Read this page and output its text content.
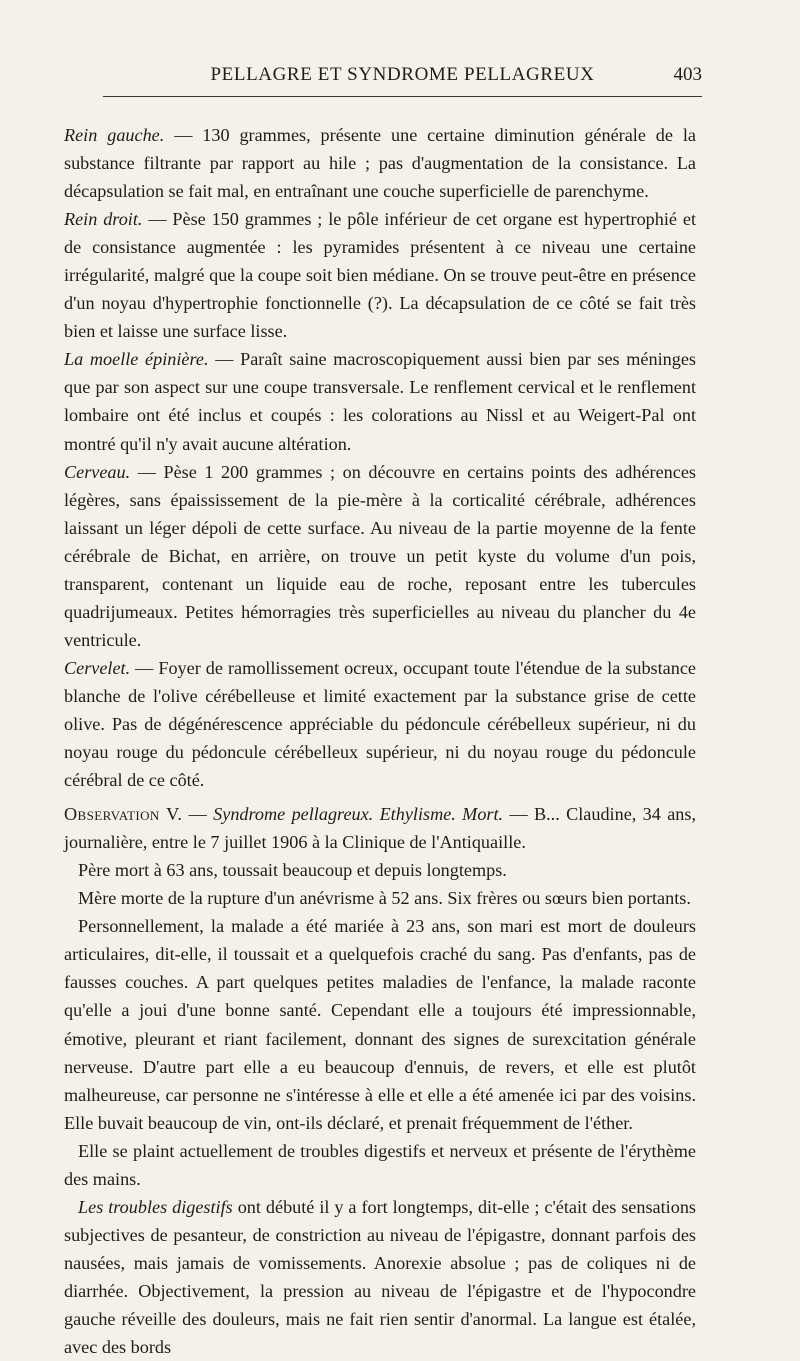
PELLAGRE ET SYNDROME PELLAGREUX	403

Rein gauche. — 130 grammes, présente une certaine diminution générale de la substance filtrante par rapport au hile ; pas d'augmentation de la consistance. La décapsulation se fait mal, en entraînant une couche superficielle de parenchyme.

Rein droit. — Pèse 150 grammes ; le pôle inférieur de cet organe est hypertrophié et de consistance augmentée : les pyramides présentent à ce niveau une certaine irrégularité, malgré que la coupe soit bien médiane. On se trouve peut-être en présence d'un noyau d'hypertrophie fonctionnelle (?). La décapsulation de ce côté se fait très bien et laisse une surface lisse.

La moelle épinière. — Paraît saine macroscopiquement aussi bien par ses méninges que par son aspect sur une coupe transversale. Le renflement cervical et le renflement lombaire ont été inclus et coupés : les colorations au Nissl et au Weigert-Pal ont montré qu'il n'y avait aucune altération.

Cerveau. — Pèse 1 200 grammes ; on découvre en certains points des adhérences légères, sans épaississement de la pie-mère à la corticalité cérébrale, adhérences laissant un léger dépoli de cette surface. Au niveau de la partie moyenne de la fente cérébrale de Bichat, en arrière, on trouve un petit kyste du volume d'un pois, transparent, contenant un liquide eau de roche, reposant entre les tubercules quadrijumeaux. Petites hémorragies très superficielles au niveau du plancher du 4e ventricule.

Cervelet. — Foyer de ramollissement ocreux, occupant toute l'étendue de la substance blanche de l'olive cérébelleuse et limité exactement par la substance grise de cette olive. Pas de dégénérescence appréciable du pédoncule cérébelleux supérieur, ni du noyau rouge du pédoncule cérébelleux supérieur, ni du noyau rouge du pédoncule cérébral de ce côté.

Observation V. — Syndrome pellagreux. Ethylisme. Mort. — B... Claudine, 34 ans, journalière, entre le 7 juillet 1906 à la Clinique de l'Antiquaille.

Père mort à 63 ans, toussait beaucoup et depuis longtemps.

Mère morte de la rupture d'un anévrisme à 52 ans. Six frères ou sœurs bien portants.

Personnellement, la malade a été mariée à 23 ans, son mari est mort de douleurs articulaires, dit-elle, il toussait et a quelquefois craché du sang. Pas d'enfants, pas de fausses couches. A part quelques petites maladies de l'enfance, la malade raconte qu'elle a joui d'une bonne santé. Cependant elle a toujours été impressionnable, émotive, pleurant et riant facilement, donnant des signes de surexcitation générale nerveuse. D'autre part elle a eu beaucoup d'ennuis, de revers, et elle est plutôt malheureuse, car personne ne s'intéresse à elle et elle a été amenée ici par des voisins. Elle buvait beaucoup de vin, ont-ils déclaré, et prenait fréquemment de l'éther.

Elle se plaint actuellement de troubles digestifs et nerveux et présente de l'érythème des mains.

Les troubles digestifs ont débuté il y a fort longtemps, dit-elle ; c'était des sensations subjectives de pesanteur, de constriction au niveau de l'épigastre, donnant parfois des nausées, mais jamais de vomissements. Anorexie absolue ; pas de coliques ni de diarrhée. Objectivement, la pression au niveau de l'épigastre et de l'hypocondre gauche réveille des douleurs, mais ne fait rien sentir d'anormal. La langue est étalée, avec des bords
